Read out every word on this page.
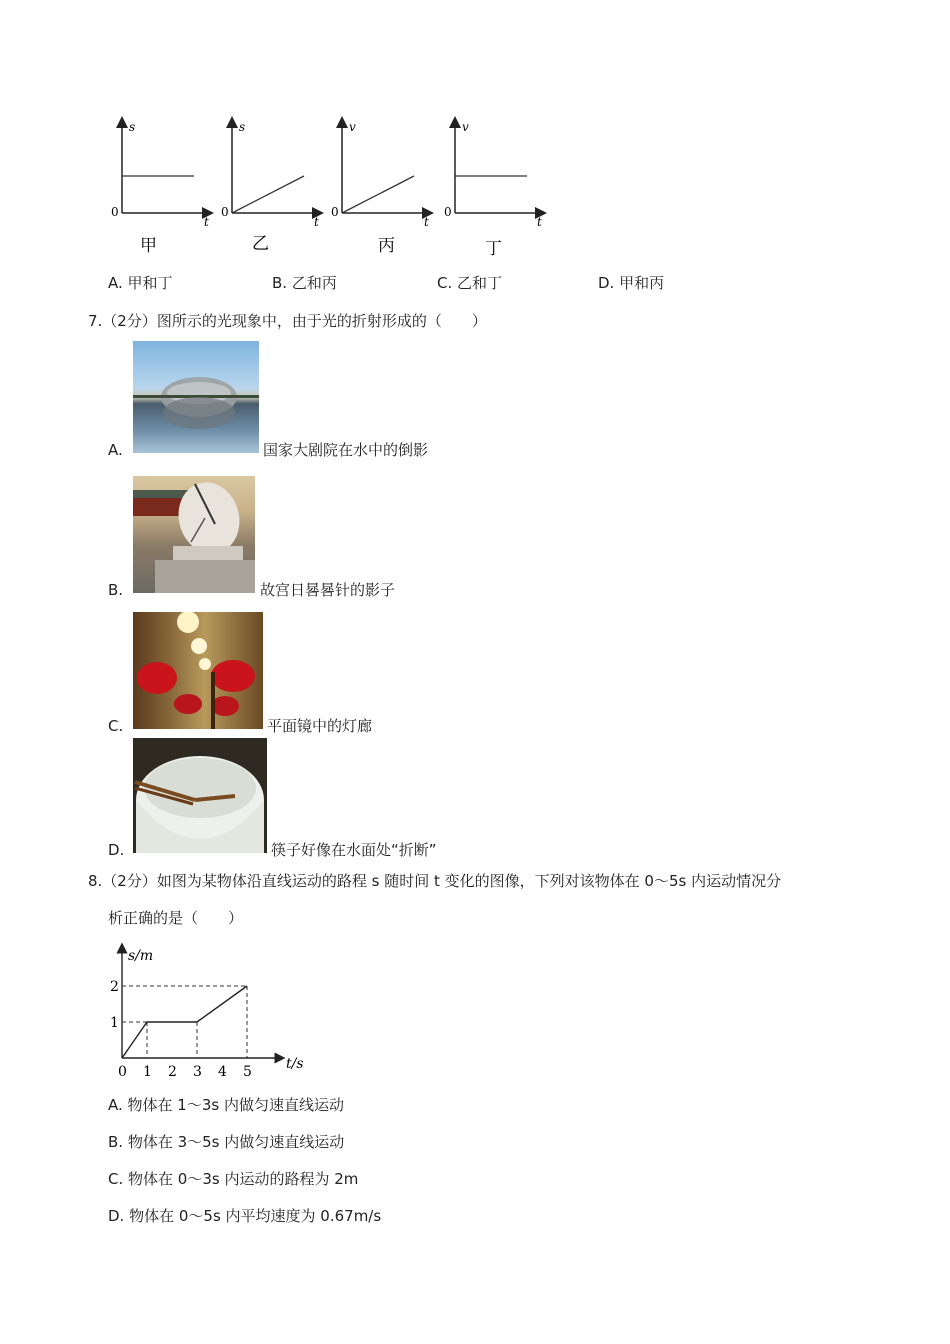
s
t
0
甲
s
t
0
乙
v
t
0
丙
v
t
0
丁
A. 甲和丁	B. 乙和丙	C. 乙和丁	D. 甲和丙
7.（2分）图所示的光现象中，由于光的折射形成的（　　）
A.	国家大剧院在水中的倒影
B.	故宫日晷晷针的影子
C.	平面镜中的灯廊
D.	筷子好像在水面处“折断”
8.（2分）如图为某物体沿直线运动的路程 s 随时间 t 变化的图像，下列对该物体在 0～5s 内运动情况分
析正确的是（　　）
s/m
t/s
0 1 2 3 4 5
1
2
A. 物体在 1～3s 内做匀速直线运动
B. 物体在 3～5s 内做匀速直线运动
C. 物体在 0～3s 内运动的路程为 2m
D. 物体在 0～5s 内平均速度为 0.67m/s
